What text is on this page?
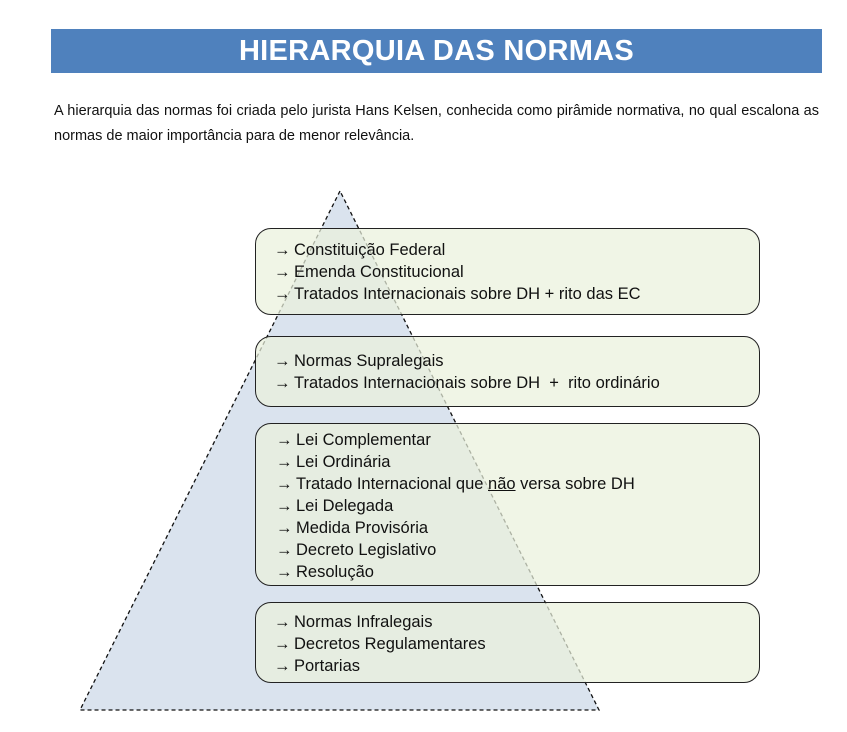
HIERARQUIA DAS NORMAS

A hierarquia das normas foi criada pelo jurista Hans Kelsen, conhecida como pirâmide normativa, no qual escalona as normas de maior importância para de menor relevância.

→ Constituição Federal
→ Emenda Constitucional
→ Tratados Internacionais sobre DH + rito das EC
→ Normas Supralegais
→ Tratados Internacionais sobre DH  +  rito ordinário
→ Lei Complementar
→ Lei Ordinária
→ Tratado Internacional que não versa sobre DH
→ Lei Delegada
→ Medida Provisória
→ Decreto Legislativo
→ Resolução
→ Normas Infralegais
→ Decretos Regulamentares
→ Portarias
